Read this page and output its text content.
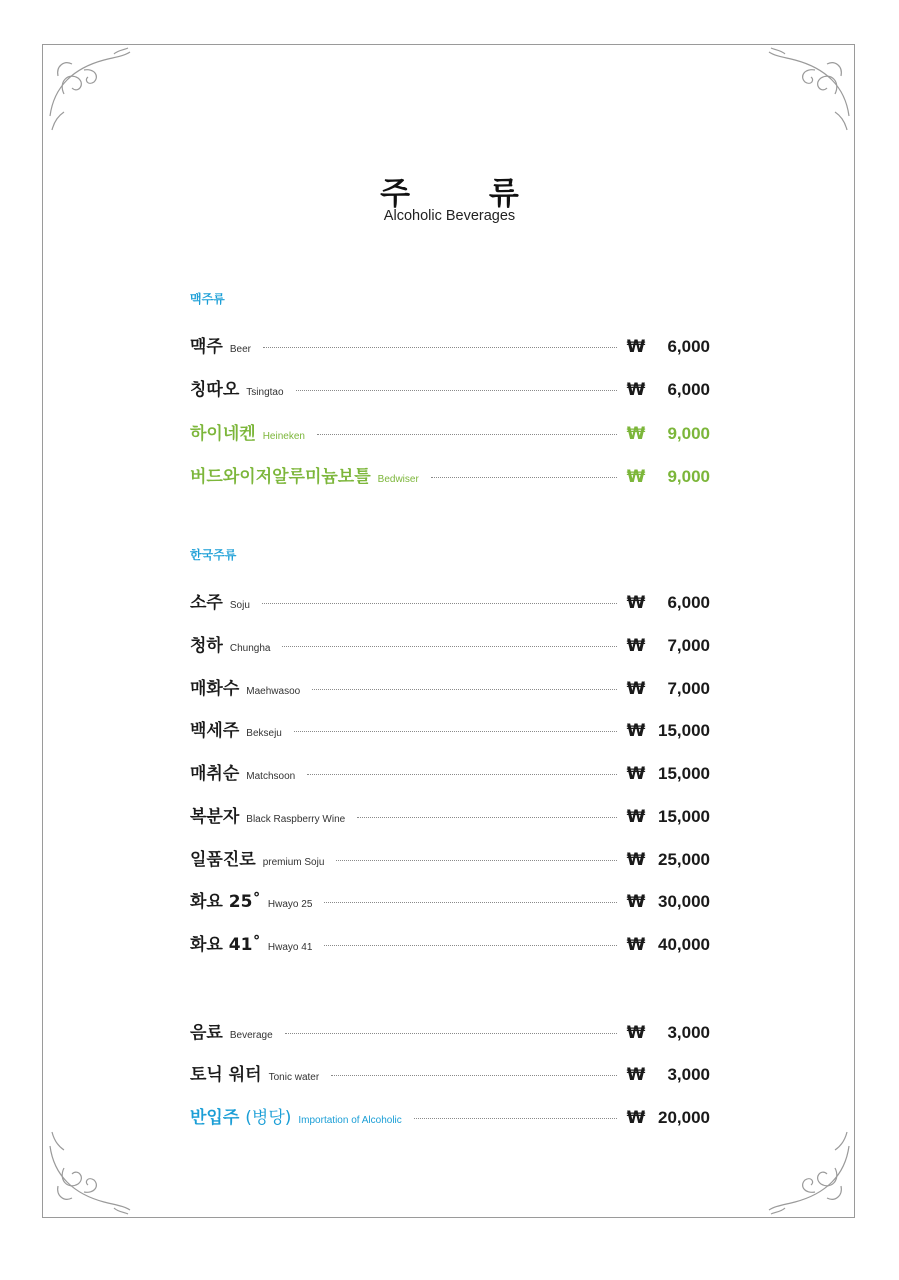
주 류
Alcoholic Beverages
맥주류
맥주 Beer	₩	6,000
칭따오 Tsingtao	₩	6,000
하이네켄 Heineken	₩	9,000
버드와이저알루미늄보틀 Bedwiser	₩	9,000
한국주류
소주 Soju	₩	6,000
청하 Chungha	₩	7,000
매화수 Maehwasoo	₩	7,000
백세주 Bekseju	₩ 15,000
매취순 Matchsoon	₩ 15,000
복분자 Black Raspberry Wine	₩ 15,000
일품진로 premium Soju	₩ 25,000
화요 25˚ Hwayo 25	₩ 30,000
화요 41˚ Hwayo 41	₩ 40,000
음료 Beverage	₩	3,000
토닉 워터 Tonic water	₩	3,000
반입주 (병당) Importation of Alcoholic	₩ 20,000
